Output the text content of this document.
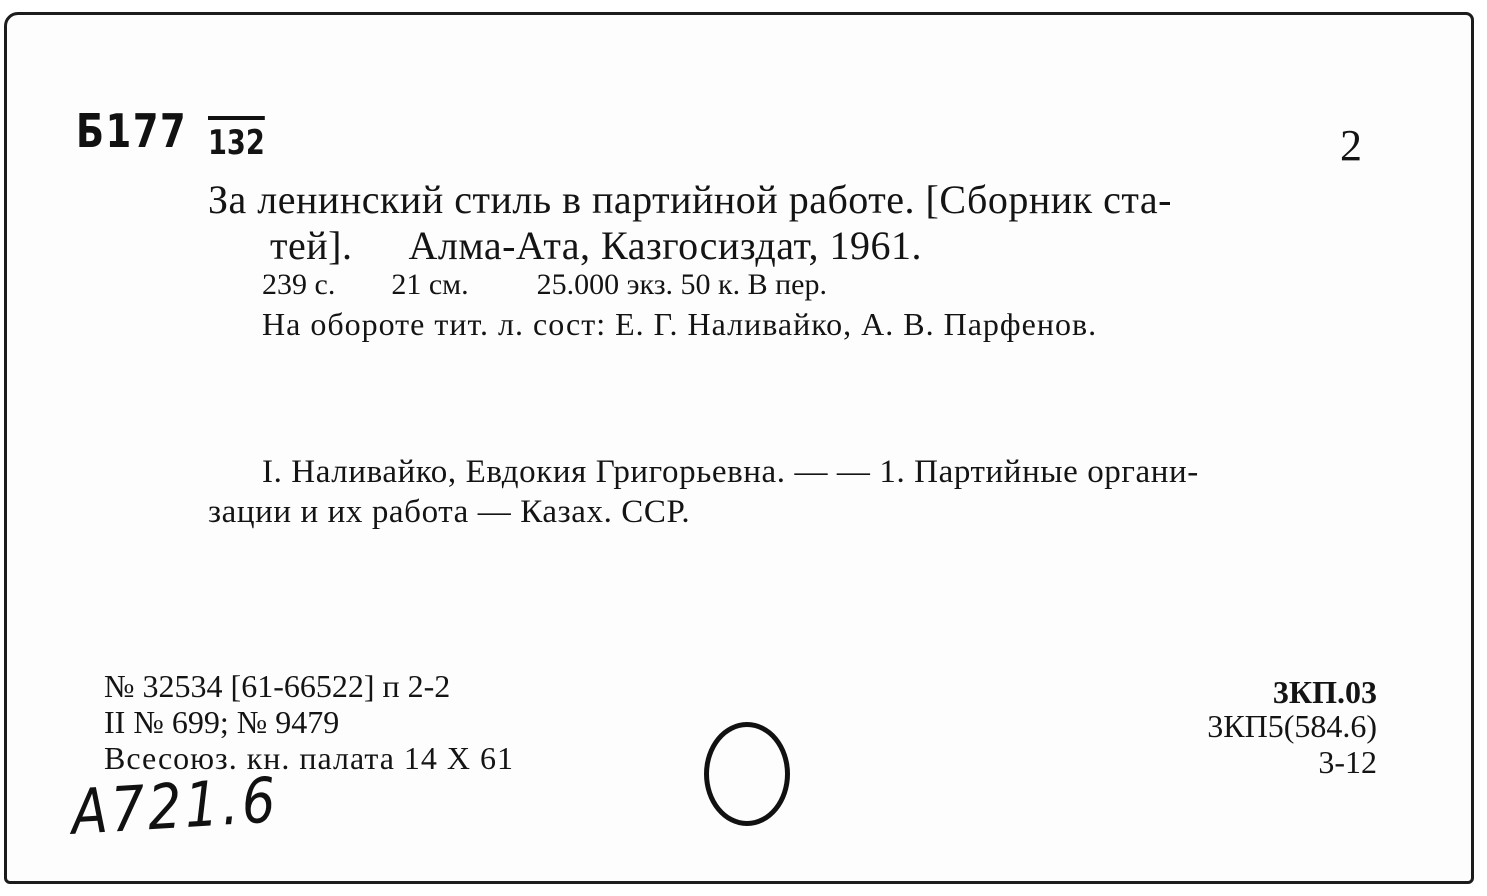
Б177 132	2
За ленинский стиль в партийной работе. [Сборник ста-
тей]. Алма-Ата, Казгосиздат, 1961.
239 с. 21 см. 25.000 экз. 50 к. В пер.
На обороте тит. л. сост: Е. Г. Наливайко, А. В. Парфенов.
I. Наливайко, Евдокия Григорьевна. — — 1. Партийные органи-
зации и их работа — Казах. ССР.
№ 32534 [61-66522] п 2-2
II № 699; № 9479
Всесоюз. кн. палата 14 X 61
3КП.03
3КП5(584.6)
3-12
А721.6
